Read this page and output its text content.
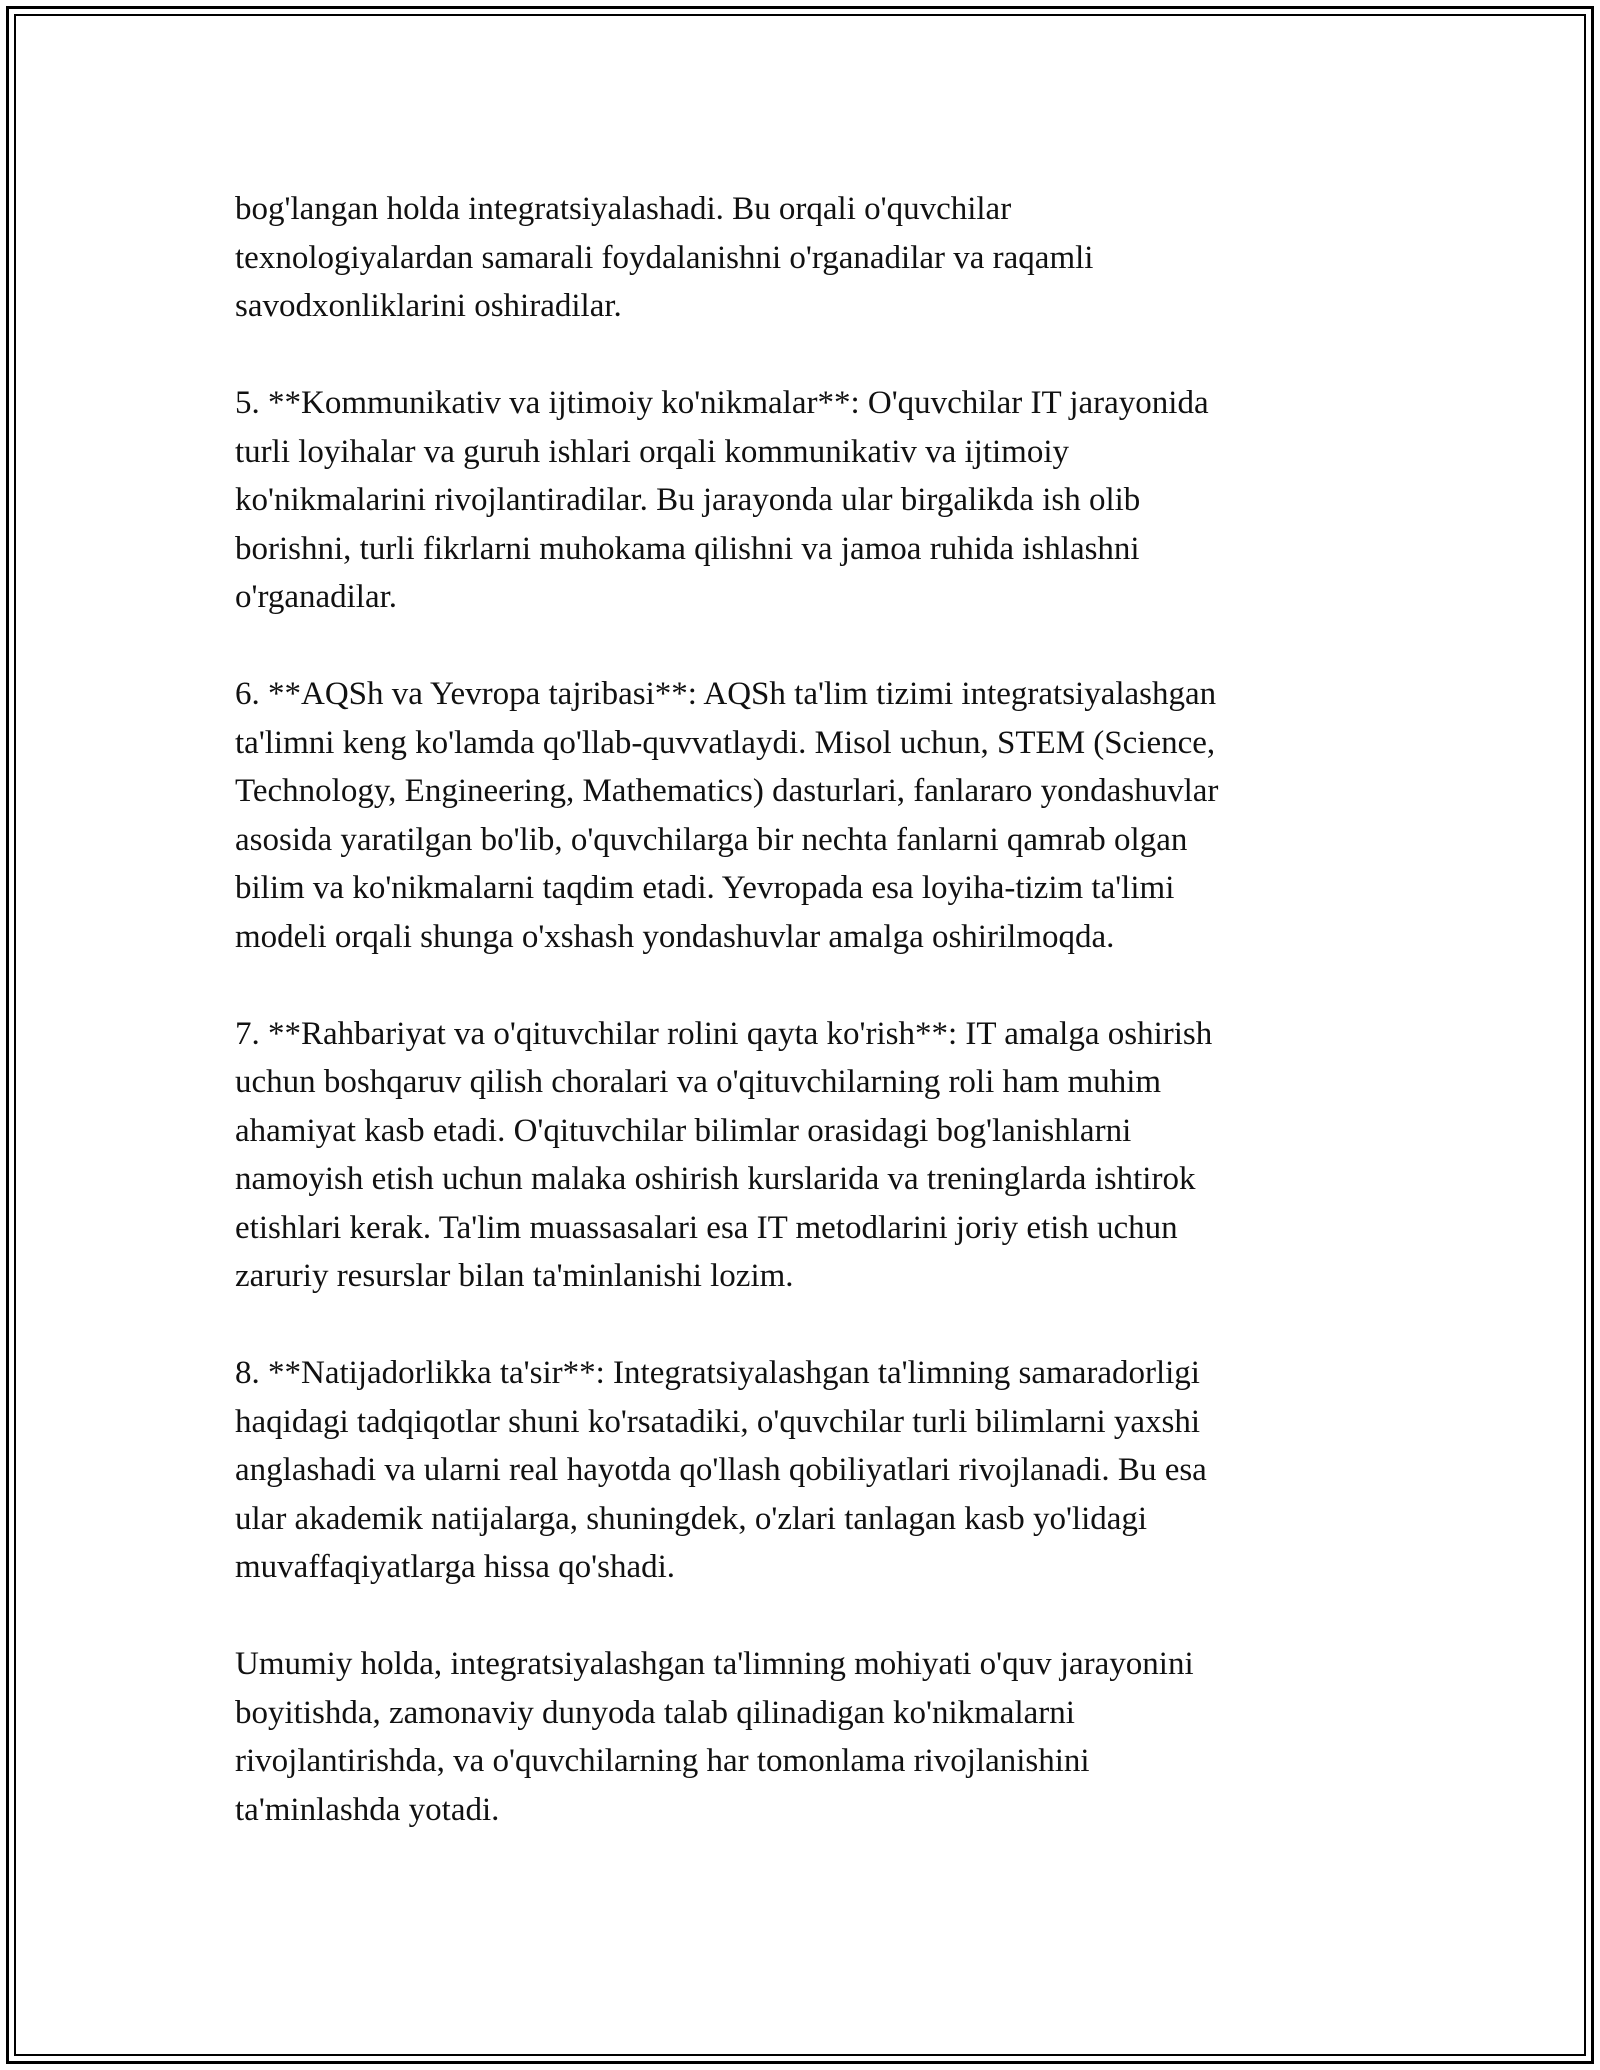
bog'langan holda integratsiyalashadi. Bu orqali o'quvchilar
texnologiyalardan samarali foydalanishni o'rganadilar va raqamli
savodxonliklarini oshiradilar.

5. **Kommunikativ va ijtimoiy ko'nikmalar**: O'quvchilar IT jarayonida
turli loyihalar va guruh ishlari orqali kommunikativ va ijtimoiy
ko'nikmalarini rivojlantiradilar. Bu jarayonda ular birgalikda ish olib
borishni, turli fikrlarni muhokama qilishni va jamoa ruhida ishlashni
o'rganadilar.

6. **AQSh va Yevropa tajribasi**: AQSh ta'lim tizimi integratsiyalashgan
ta'limni keng ko'lamda qo'llab-quvvatlaydi. Misol uchun, STEM (Science,
Technology, Engineering, Mathematics) dasturlari, fanlararo yondashuvlar
asosida yaratilgan bo'lib, o'quvchilarga bir nechta fanlarni qamrab olgan
bilim va ko'nikmalarni taqdim etadi. Yevropada esa loyiha-tizim ta'limi
modeli orqali shunga o'xshash yondashuvlar amalga oshirilmoqda.

7. **Rahbariyat va o'qituvchilar rolini qayta ko'rish**: IT amalga oshirish
uchun boshqaruv qilish choralari va o'qituvchilarning roli ham muhim
ahamiyat kasb etadi. O'qituvchilar bilimlar orasidagi bog'lanishlarni
namoyish etish uchun malaka oshirish kurslarida va treninglarda ishtirok
etishlari kerak. Ta'lim muassasalari esa IT metodlarini joriy etish uchun
zaruriy resurslar bilan ta'minlanishi lozim.

8. **Natijadorlikka ta'sir**: Integratsiyalashgan ta'limning samaradorligi
haqidagi tadqiqotlar shuni ko'rsatadiki, o'quvchilar turli bilimlarni yaxshi
anglashadi va ularni real hayotda qo'llash qobiliyatlari rivojlanadi. Bu esa
ular akademik natijalarga, shuningdek, o'zlari tanlagan kasb yo'lidagi
muvaffaqiyatlarga hissa qo'shadi.

Umumiy holda, integratsiyalashgan ta'limning mohiyati o'quv jarayonini
boyitishda, zamonaviy dunyoda talab qilinadigan ko'nikmalarni
rivojlantirishda, va o'quvchilarning har tomonlama rivojlanishini
ta'minlashda yotadi.
